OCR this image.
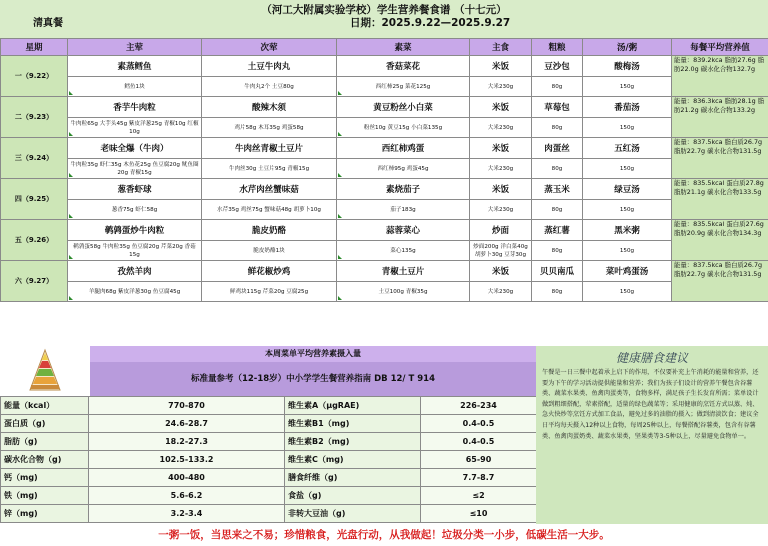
（河工大附属实验学校）学生营养餐食谱 （十七元）
日期：2025.9.22—2025.9.27
清真餐
星期	主荤	次荤	素菜	主食	粗粮	汤/粥	每餐平均营养值
一（9.22）	素蒸鳕鱼	土豆牛肉丸	香菇菜花	米饭	豆沙包	酸梅汤	能量：839.2kca 脂肪27.6g 脂肪22.0g 碳水化合物132.7g
	鳕鱼1块	牛肉丸2个 土豆80g	西红柿25g 菜花125g	大米230g	80g	150g	
二（9.23）	香芋牛肉粒	酸辣木须	黄豆粉丝小白菜	米饭	草莓包	番茄汤	能量：836.3kca 脂肪28.1g 脂肪21.2g 碳水化合物133.2g
	牛肉粒65g 大芋头45g 紫皮洋葱25g 青椒10g 红椒10g	鸡片58g 木耳35g 鸡蛋58g	粉丝10g 黄豆15g 小白菜135g	大米230g	80g	150g	
三（9.24）	老味全爆（牛肉）	牛肉丝青椒土豆片	西红柿鸡蛋	米饭	肉蛋丝	五红汤	能量：837.5kca 脂白质26.7g 脂肪22.7g 碳水化合物131.5g
	牛肉粒35g 虾仁35g 木鱼花25g 鱼豆腐20g 鱿鱼圈20g 青椒15g	牛肉丝30g 土豆片95g 青椒15g	西红柿95g 鸡蛋45g	大米230g	80g	150g	
四（9.25）	葱香虾球	水芹肉丝蟹味菇	素烧茄子	米饭	蒸玉米	绿豆汤	能量：835.5kcal 蛋白质27.8g 脂肪21.1g 碳水化合物133.5g
	葱香75g 虾仁58g	水芹35g 鸡丝75g 蟹味菇48g 胡萝卜10g	茄子183g	大米230g	80g	150g	
五（9.26）	鹌鹑蛋炒牛肉粒	脆皮奶酪	蒜蓉菜心	炒面	蒸红薯	黑米粥	能量：835.5kcal 蛋白质27.6g 脂肪20.9g 碳水化合物134.3g
	鹌鹑蛋58g 牛肉粒35g 鱼豆腐20g 芹菜20g 香菇15g	脆皮奶酪1块	菜心135g	炒面200g 洋白菜40g 胡萝卜30g 豆芽30g	80g	150g	
六（9.27）	孜然羊肉	鲜花椒炒鸡	青椒土豆片	米饭	贝贝南瓜	菜叶鸡蛋汤	能量：837.5kca 脂白质26.7g 脂肪22.7g 碳水化合物131.5g
	羊腿肉68g 紫皮洋葱30g 鱼豆腐45g	鲜鸡块115g 芹菜20g 豆腐25g	土豆100g 青椒35g	大米230g	80g	150g	
本周菜单平均营养素摄入量
标准量参考（12-18岁）中小学学生餐营养指南 DB 12/ T 914
能量（kcal）	770-870	维生素A（μgRAE)	226-234
蛋白质（g)	24.6-28.7	维生素B1（mg)	0.4-0.5
脂肪（g)	18.2-27.3	维生素B2（mg)	0.4-0.5
碳水化合物（g)	102.5-133.2	维生素C（mg)	65-90
钙（mg)	400-480	膳食纤维（g)	7.7-8.7
铁（mg)	5.6-6.2	食盐（g)	≤2
锌（mg)	3.2-3.4	非转大豆油（g)	≤10
健康膳食建议
午餐是一日三餐中起着承上启下的作用，不仅要补充上午消耗的能量和营养，还要为下午的学习活动提供能量和营养；我们为孩子们设计的营养午餐包含谷薯类、蔬菜水果类、鱼禽肉蛋类等，食物多样，满足孩子生长发育所需；菜单设计做到粗细搭配，荤素搭配，适量的绿色蔬菜等；采用健康的烹饪方式以蒸、炖、急火快炒等烹饪方式加工食品，避免过多的油脂的摄入；做到清淡饮食；建议全日平均每天摄入12种以上食物，每周25种以上，每餐搭配谷薯类，包含有谷薯类、鱼禽肉蛋奶类、蔬菜水果类，坚果类等3-5种以上，尽量避免食物单一。
一粥一饭，当思来之不易；珍惜粮食，光盘行动，从我做起！垃圾分类一小步，低碳生活一大步。
